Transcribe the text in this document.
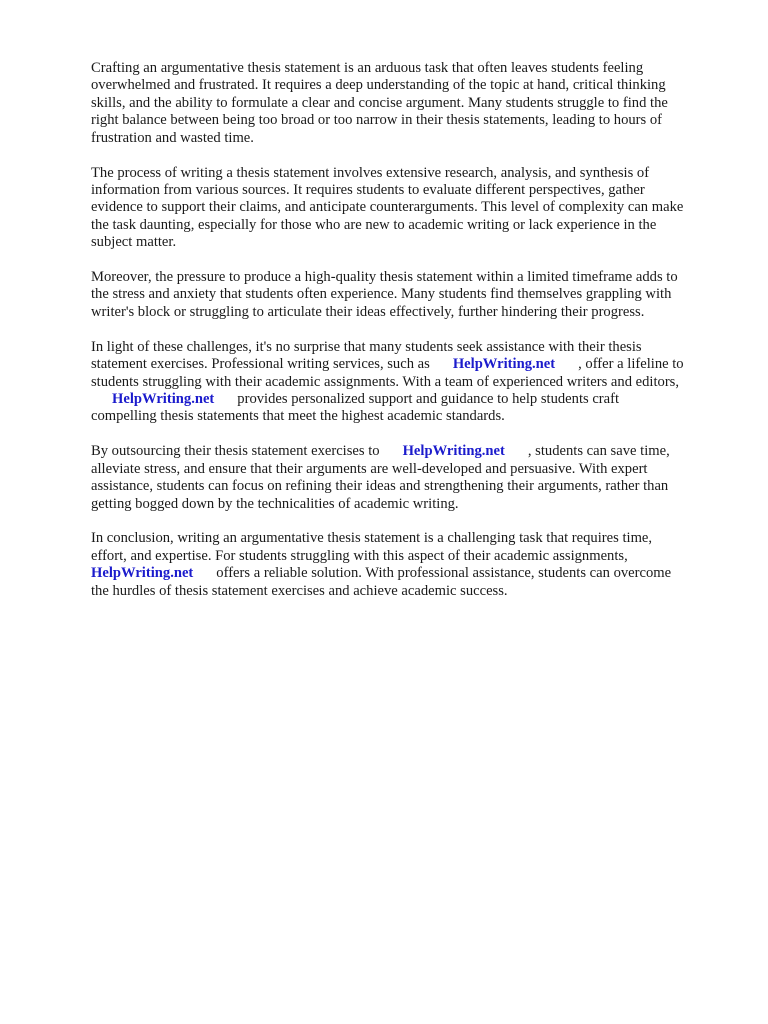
Crafting an argumentative thesis statement is an arduous task that often leaves students feeling
overwhelmed and frustrated. It requires a deep understanding of the topic at hand, critical thinking
skills, and the ability to formulate a clear and concise argument. Many students struggle to find the
right balance between being too broad or too narrow in their thesis statements, leading to hours of
frustration and wasted time.

The process of writing a thesis statement involves extensive research, analysis, and synthesis of
information from various sources. It requires students to evaluate different perspectives, gather
evidence to support their claims, and anticipate counterarguments. This level of complexity can make
the task daunting, especially for those who are new to academic writing or lack experience in the
subject matter.

Moreover, the pressure to produce a high-quality thesis statement within a limited timeframe adds to
the stress and anxiety that students often experience. Many students find themselves grappling with
writer's block or struggling to articulate their ideas effectively, further hindering their progress.

In light of these challenges, it's no surprise that many students seek assistance with their thesis
statement exercises. Professional writing services, such as HelpWriting.net , offer a lifeline to
students struggling with their academic assignments. With a team of experienced writers and editors,
HelpWriting.net provides personalized support and guidance to help students craft
compelling thesis statements that meet the highest academic standards.

By outsourcing their thesis statement exercises to HelpWriting.net , students can save time,
alleviate stress, and ensure that their arguments are well-developed and persuasive. With expert
assistance, students can focus on refining their ideas and strengthening their arguments, rather than
getting bogged down by the technicalities of academic writing.

In conclusion, writing an argumentative thesis statement is a challenging task that requires time,
effort, and expertise. For students struggling with this aspect of their academic assignments,
HelpWriting.net offers a reliable solution. With professional assistance, students can overcome
the hurdles of thesis statement exercises and achieve academic success.
